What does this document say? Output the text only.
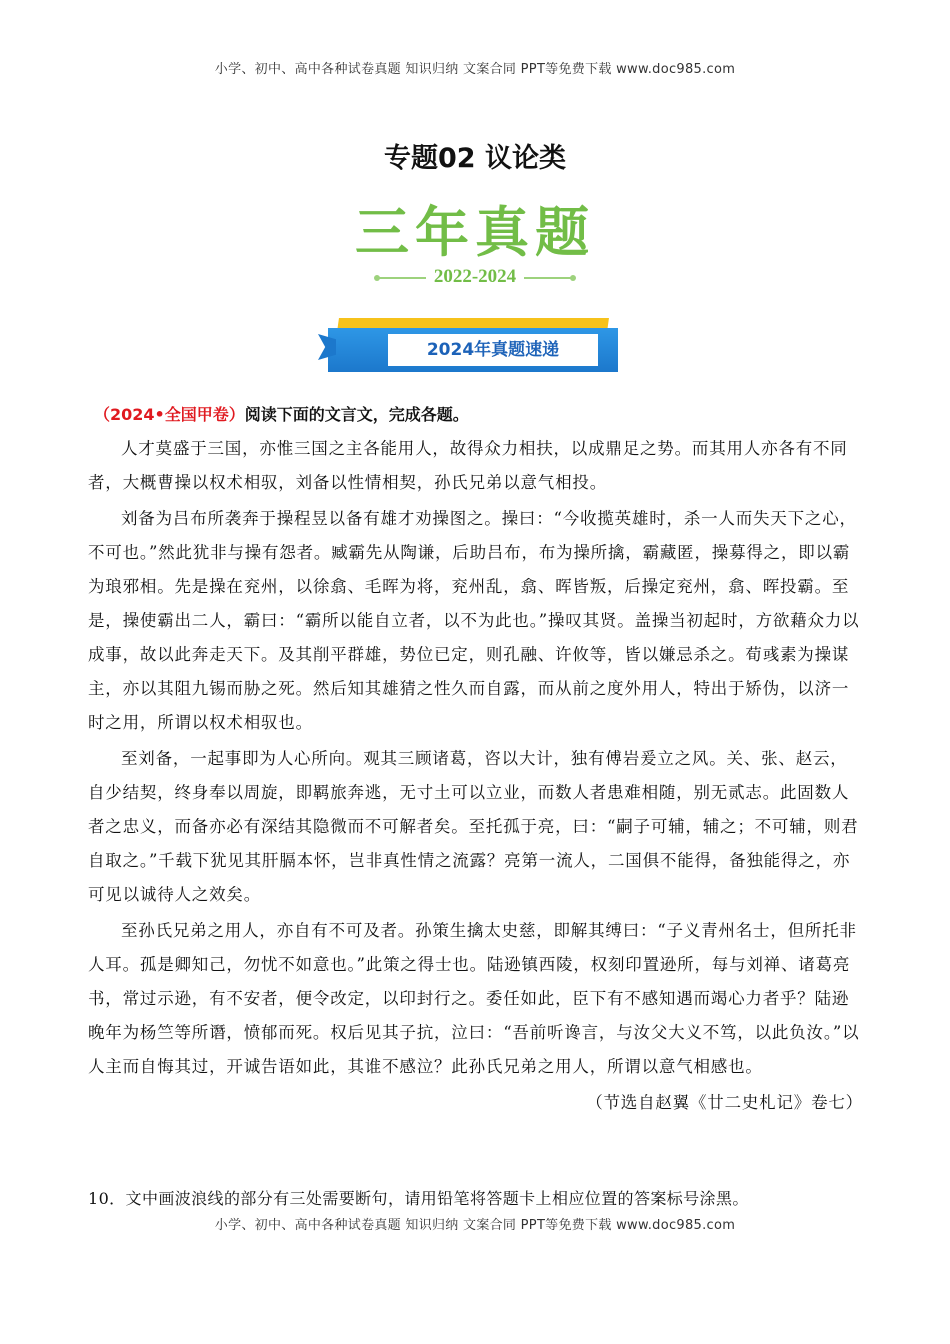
小学、初中、高中各种试卷真题 知识归纳 文案合同 PPT等免费下载 www.doc985.com
专题02 议论类
三年真题
2022-2024
2024年真题速递
（2024•全国甲卷）阅读下面的文言文，完成各题。

人才莫盛于三国，亦惟三国之主各能用人，故得众力相扶，以成鼎足之势。而其用人亦各有不同者，大概曹操以权术相驭，刘备以性情相契，孙氏兄弟以意气相投。

刘备为吕布所袭奔于操程昱以备有雄才劝操图之。操曰：“今收揽英雄时，杀一人而失天下之心，不可也。”然此犹非与操有怨者。臧霸先从陶谦，后助吕布，布为操所擒，霸藏匿，操募得之，即以霸为琅邪相。先是操在兖州，以徐翕、毛晖为将，兖州乱，翕、晖皆叛，后操定兖州，翕、晖投霸。至是，操使霸出二人，霸曰：“霸所以能自立者，以不为此也。”操叹其贤。盖操当初起时，方欲藉众力以成事，故以此奔走天下。及其削平群雄，势位已定，则孔融、许攸等，皆以嫌忌杀之。荀彧素为操谋主，亦以其阻九锡而胁之死。然后知其雄猜之性久而自露，而从前之度外用人，特出于矫伪，以济一时之用，所谓以权术相驭也。

至刘备，一起事即为人心所向。观其三顾诸葛，咨以大计，独有傅岩爰立之风。关、张、赵云，自少结契，终身奉以周旋，即羁旅奔逃，无寸土可以立业，而数人者患难相随，别无贰志。此固数人者之忠义，而备亦必有深结其隐微而不可解者矣。至托孤于亮，曰：“嗣子可辅，辅之；不可辅，则君自取之。”千载下犹见其肝膈本怀，岂非真性情之流露？亮第一流人，二国俱不能得，备独能得之，亦可见以诚待人之效矣。

至孙氏兄弟之用人，亦自有不可及者。孙策生擒太史慈，即解其缚曰：“子义青州名士，但所托非人耳。孤是卿知己，勿忧不如意也。”此策之得士也。陆逊镇西陵，权刻印置逊所，每与刘禅、诸葛亮书，常过示逊，有不安者，便令改定，以印封行之。委任如此，臣下有不感知遇而竭心力者乎？陆逊晚年为杨竺等所谮，愤郁而死。权后见其子抗，泣曰：“吾前听谗言，与汝父大义不笃，以此负汝。”以人主而自悔其过，开诚告语如此，其谁不感泣？此孙氏兄弟之用人，所谓以意气相感也。

（节选自赵翼《廿二史札记》卷七）

10．文中画波浪线的部分有三处需要断句，请用铅笔将答题卡上相应位置的答案标号涂黑。
小学、初中、高中各种试卷真题 知识归纳 文案合同 PPT等免费下载 www.doc985.com
